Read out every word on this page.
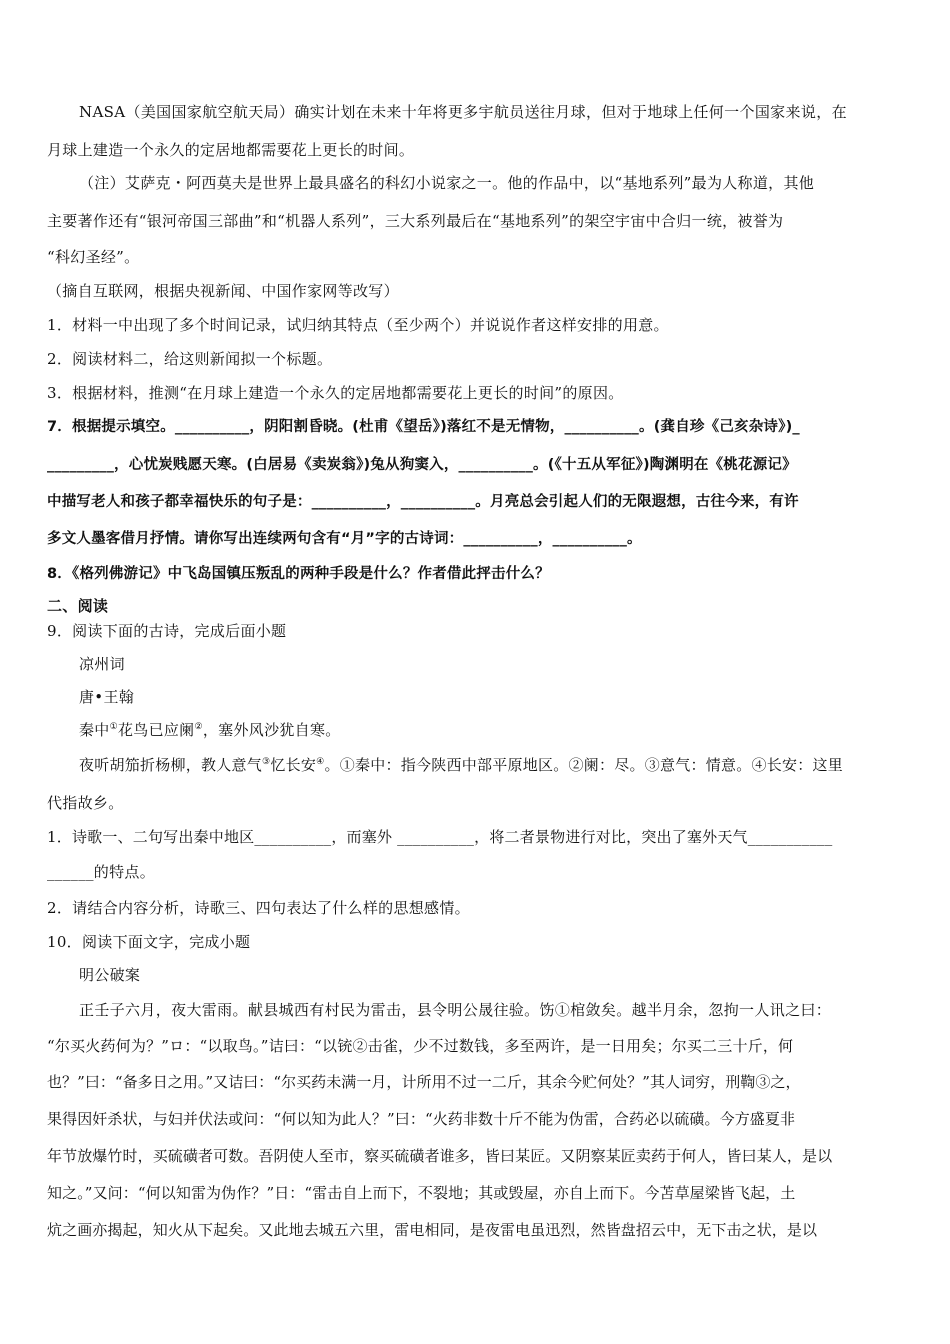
NASA（美国国家航空航天局）确实计划在未来十年将更多宇航员送往月球，但对于地球上任何一个国家来说，在
月球上建造一个永久的定居地都需要花上更长的时间。
（注）艾萨克・阿西莫夫是世界上最具盛名的科幻小说家之一。他的作品中，以“基地系列”最为人称道，其他
主要著作还有“银河帝国三部曲”和“机器人系列”，三大系列最后在“基地系列”的架空宇宙中合归一统，被誉为
“科幻圣经”。
（摘自互联网，根据央视新闻、中国作家网等改写）
1．材料一中出现了多个时间记录，试归纳其特点（至少两个）并说说作者这样安排的用意。
2．阅读材料二，给这则新闻拟一个标题。
3．根据材料，推测“在月球上建造一个永久的定居地都需要花上更长的时间”的原因。
7．根据提示填空。__________，阴阳割昏晓。(杜甫《望岳》)落红不是无情物，__________。(龚自珍《己亥杂诗》)_
_________，心忧炭贱愿天寒。(白居易《卖炭翁》)兔从狗窦入，__________。(《十五从军征》)陶渊明在《桃花源记》
中描写老人和孩子都幸福快乐的句子是：__________，__________。月亮总会引起人们的无限遐想，古往今来，有许
多文人墨客借月抒情。请你写出连续两句含有“月”字的古诗词：__________，__________。
8．《格列佛游记》中飞岛国镇压叛乱的两种手段是什么？作者借此抨击什么？
二、阅读
9．阅读下面的古诗，完成后面小题
凉州词
唐•王翰
秦中①花鸟已应阑②，塞外风沙犹自寒。
夜听胡笳折杨柳，教人意气③忆长安④。①秦中：指今陕西中部平原地区。②阑：尽。③意气：情意。④长安：这里
代指故乡。
1．诗歌一、二句写出秦中地区__________，而塞外 __________，将二者景物进行对比，突出了塞外天气___________
______的特点。
2．请结合内容分析，诗歌三、四句表达了什么样的思想感情。
10．阅读下面文字，完成小题
明公破案
正壬子六月，夜大雷雨。献县城西有村民为雷击，县令明公晟往验。饬①棺敛矣。越半月余，忽拘一人讯之曰：
“尔买火药何为？”ロ：“以取鸟。”诘曰：“以铳②击雀，少不过数钱，多至两许，是一日用矣；尔买二三十斤，何
也？”曰：“备多日之用。”又诘曰：“尔买药未满一月，计所用不过一二斤，其余今贮何处？”其人词穷，刑鞫③之，
果得因奸杀状，与妇并伏法或问：“何以知为此人？”曰：“火药非数十斤不能为伪雷，合药必以硫磺。今方盛夏非
年节放爆竹时，买硫磺者可数。吾阴使人至市，察买硫磺者谁多，皆曰某匠。又阴察某匠卖药于何人，皆曰某人，是以
知之。”又问：“何以知雷为伪作？”日：“雷击自上而下，不裂地；其或毁屋，亦自上而下。今苫草屋梁皆飞起，土
炕之画亦揭起，知火从下起矣。又此地去城五六里，雷电相同，是夜雷电虽迅烈，然皆盘招云中，无下击之状，是以
